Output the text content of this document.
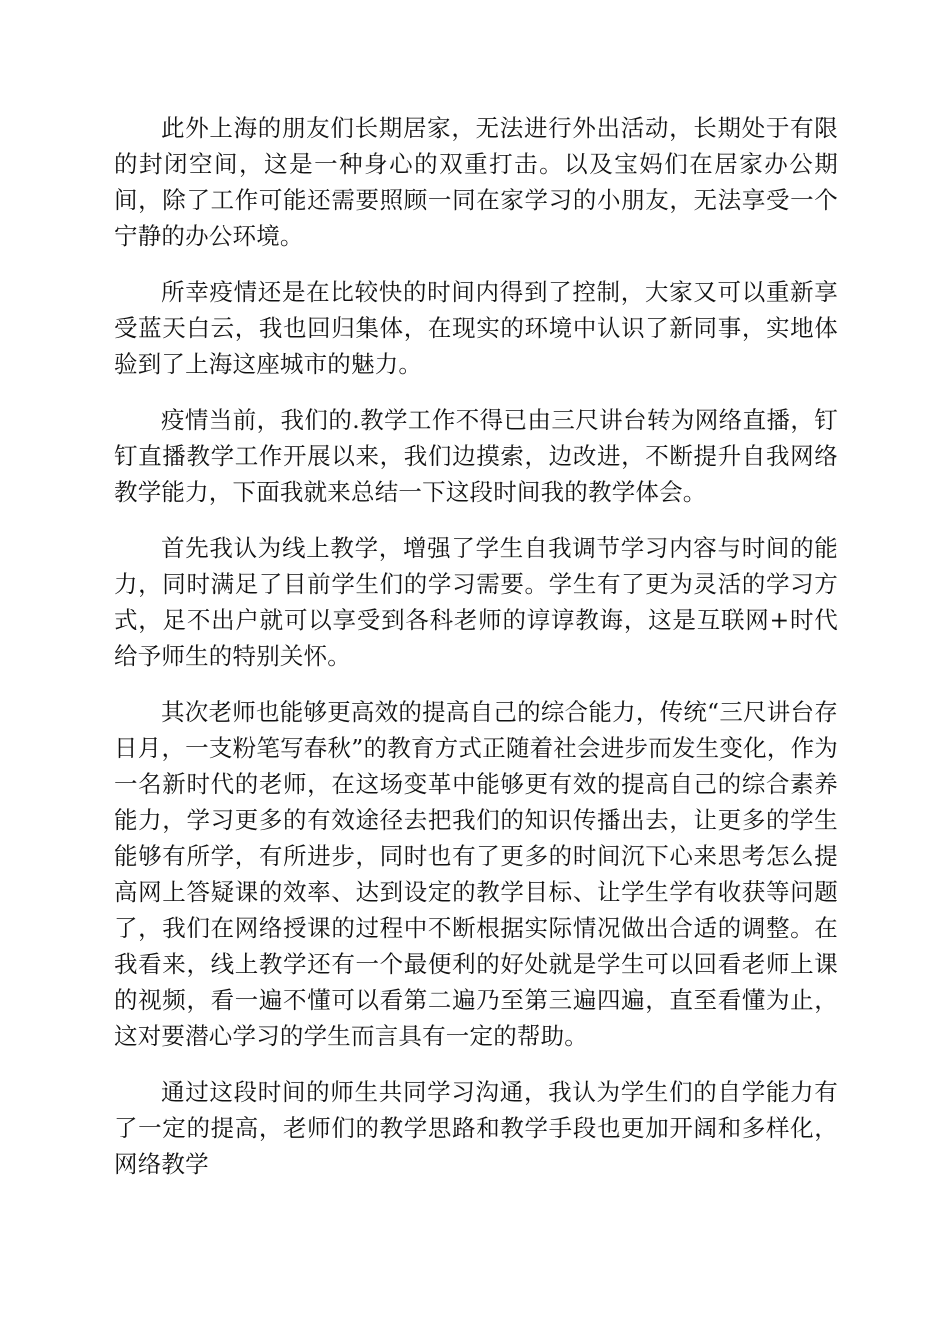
此外上海的朋友们长期居家，无法进行外出活动，长期处于有限的封闭空间，这是一种身心的双重打击。以及宝妈们在居家办公期间，除了工作可能还需要照顾一同在家学习的小朋友，无法享受一个宁静的办公环境。

所幸疫情还是在比较快的时间内得到了控制，大家又可以重新享受蓝天白云，我也回归集体，在现实的环境中认识了新同事，实地体验到了上海这座城市的魅力。

疫情当前，我们的.教学工作不得已由三尺讲台转为网络直播，钉钉直播教学工作开展以来，我们边摸索，边改进，不断提升自我网络教学能力，下面我就来总结一下这段时间我的教学体会。

首先我认为线上教学，增强了学生自我调节学习内容与时间的能力，同时满足了目前学生们的学习需要。学生有了更为灵活的学习方式，足不出户就可以享受到各科老师的谆谆教诲，这是互联网+时代给予师生的特别关怀。

其次老师也能够更高效的提高自己的综合能力，传统“三尺讲台存日月，一支粉笔写春秋”的教育方式正随着社会进步而发生变化，作为一名新时代的老师，在这场变革中能够更有效的提高自己的综合素养能力，学习更多的有效途径去把我们的知识传播出去，让更多的学生能够有所学，有所进步，同时也有了更多的时间沉下心来思考怎么提高网上答疑课的效率、达到设定的教学目标、让学生学有收获等问题了，我们在网络授课的过程中不断根据实际情况做出合适的调整。在我看来，线上教学还有一个最便利的好处就是学生可以回看老师上课的视频，看一遍不懂可以看第二遍乃至第三遍四遍，直至看懂为止，这对要潜心学习的学生而言具有一定的帮助。

通过这段时间的师生共同学习沟通，我认为学生们的自学能力有了一定的提高，老师们的教学思路和教学手段也更加开阔和多样化，网络教学
